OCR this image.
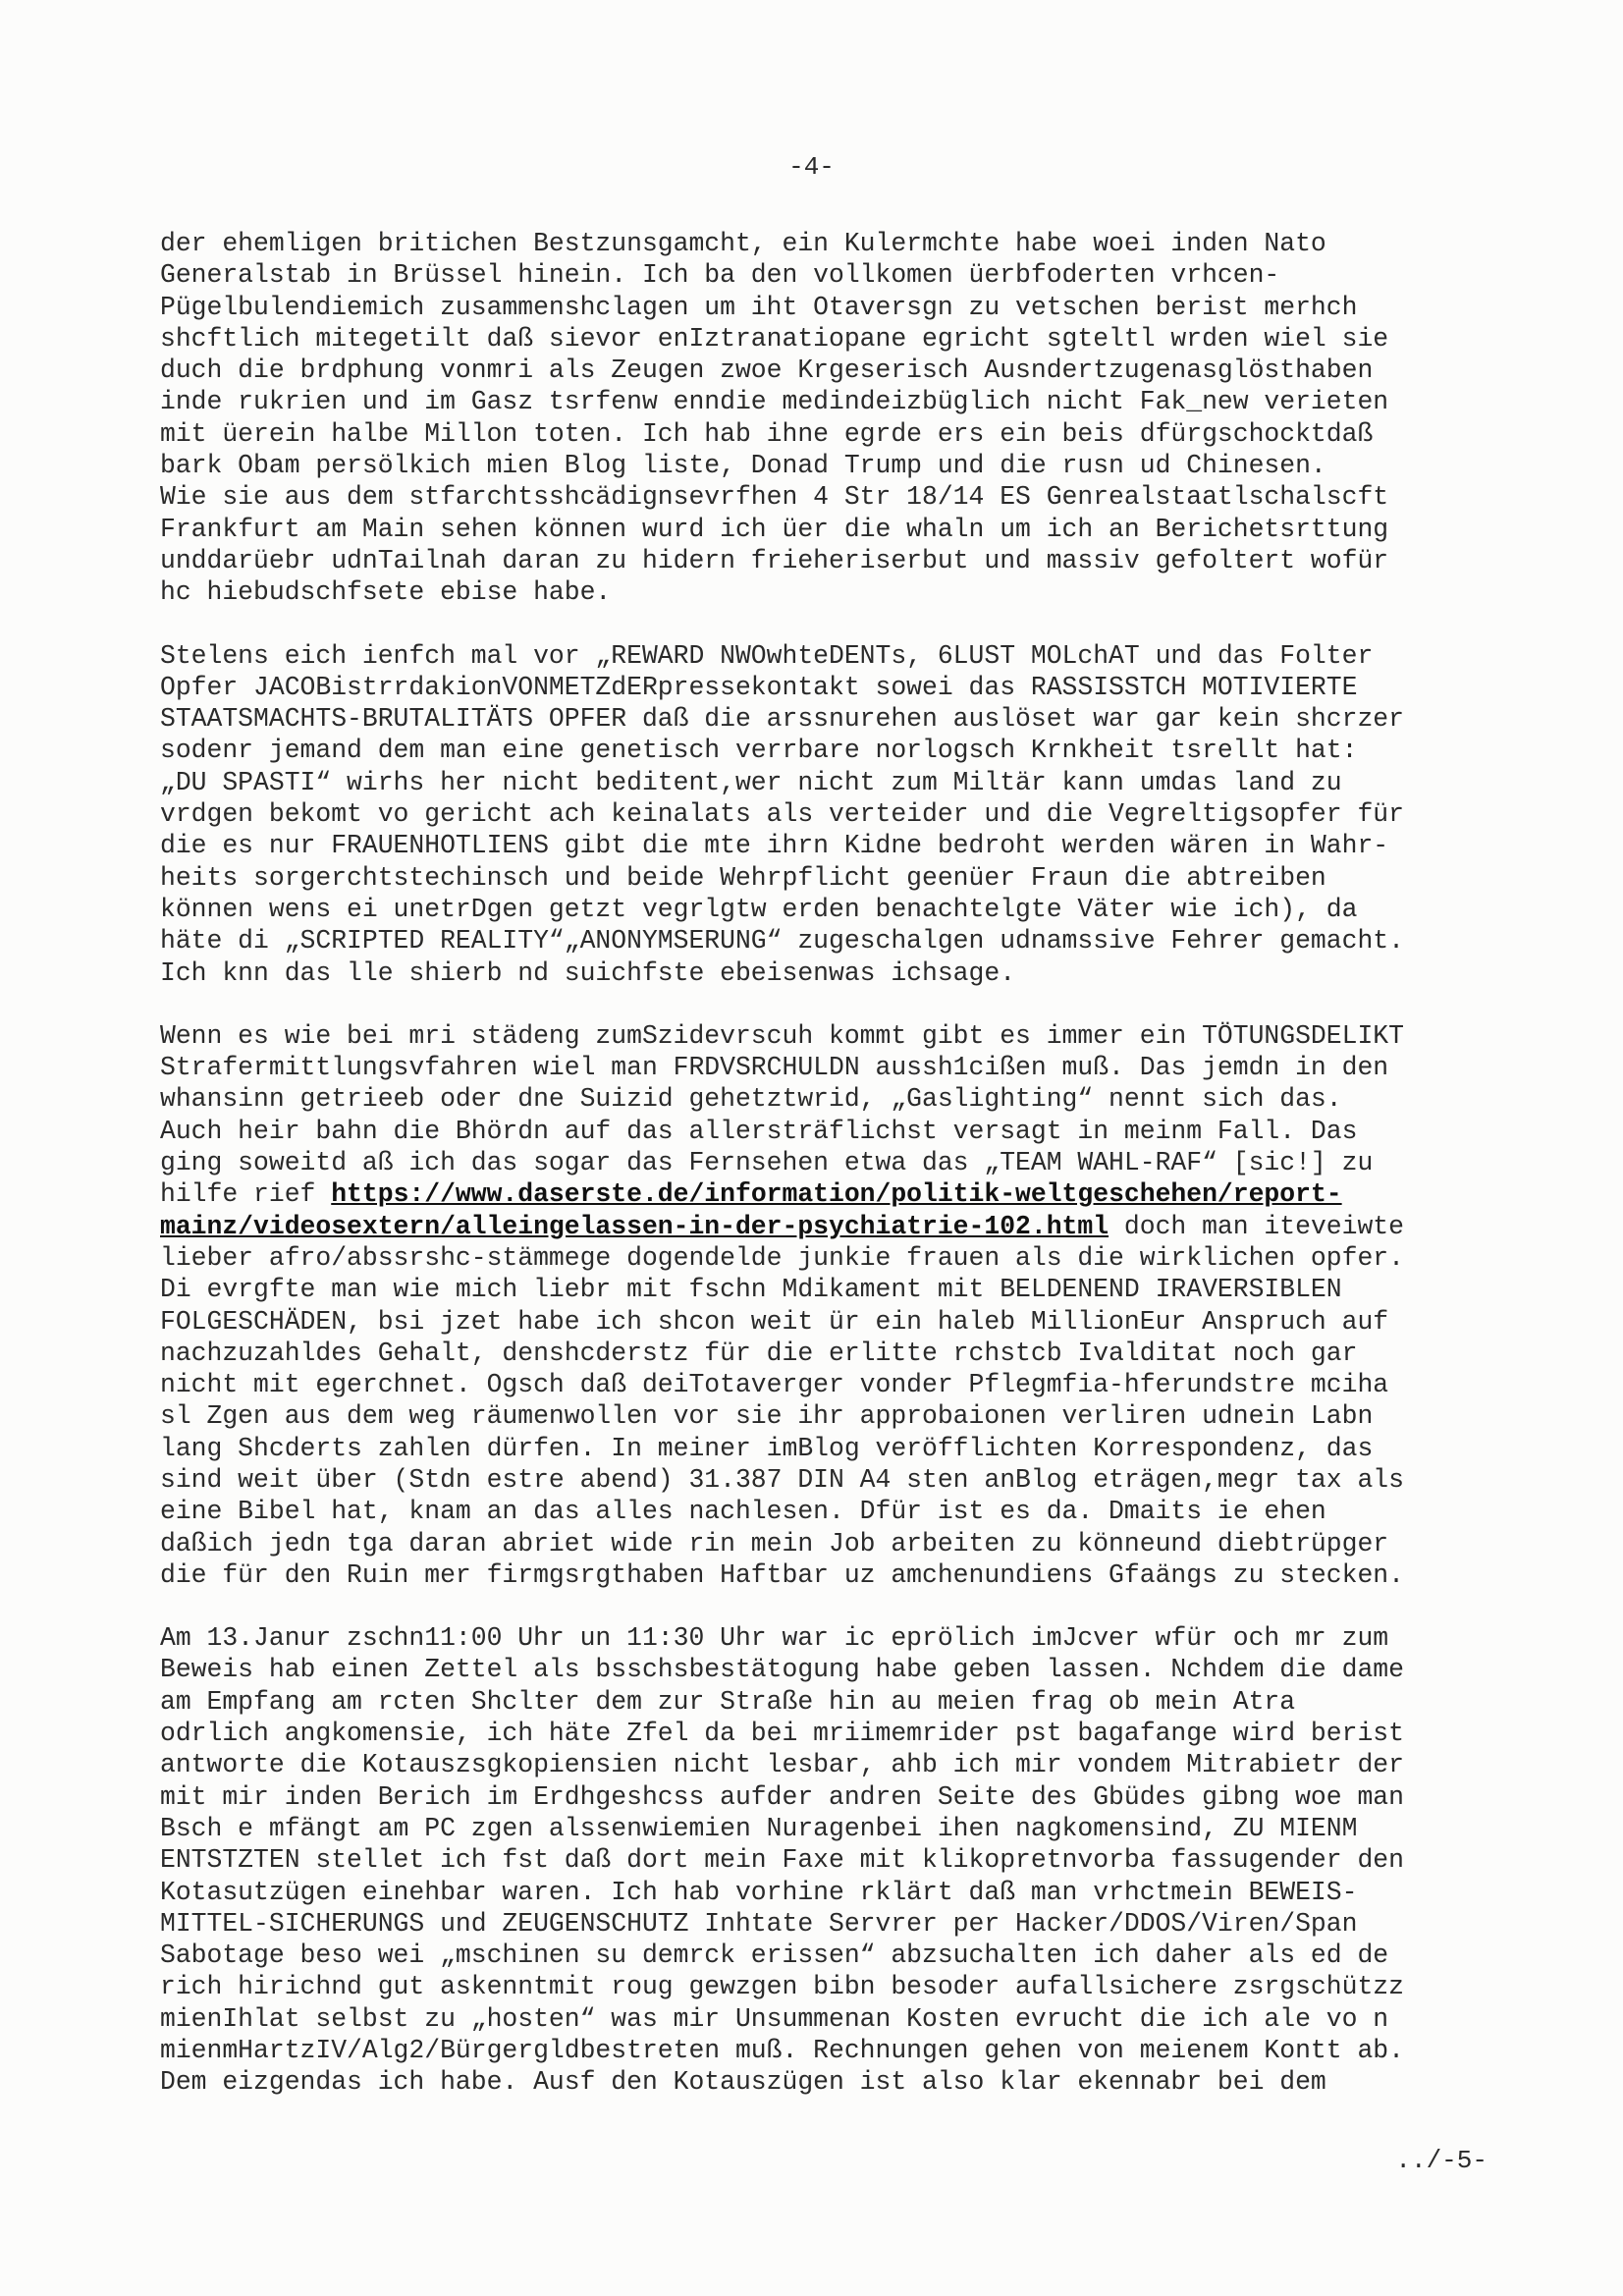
-4-
der ehemligen britichen Bestzunsgamcht, ein Kulermchte habe woei inden Nato
Generalstab in Brüssel hinein. Ich ba den vollkomen üerbfoderten vrhcen-
Pügelbulendiemich zusammenshclagen um iht Otaversgn zu vetschen berist merhch
shcftlich mitegetilt daß sievor enIztranatiopane egricht sgteltl wrden wiel sie
duch die brdphung vonmri als Zeugen zwoe Krgeserisch Ausndertzugenasglösthaben
inde rukrien und im Gasz tsrfenw enndie medindeizbüglich nicht Fak_new verieten
mit üerein halbe Millon toten. Ich hab ihne egrde ers ein beis dfürgschocktdaß
bark Obam persölkich mien Blog liste, Donad Trump und die rusn ud Chinesen.
Wie sie aus dem stfarchtsshcädignsevrfhen 4 Str 18/14 ES Genrealstaatlschalscft
Frankfurt am Main sehen können wurd ich üer die whaln um ich an Berichetsrttung
unddarüebr udnTailnah daran zu hidern frieheriserbut und massiv gefoltert wofür
hc hiebudschfsete ebise habe.
Stelens eich ienfch mal vor „REWARD NWOwhteDENTs, 6LUST MOLchAT und das Folter
Opfer JACOBistrrdakionVONMETZdERpressekontakt sowei das RASSISSTCH MOTIVIERTE
STAATSMACHTS-BRUTALITÄTS OPFER daß die arssnurehen auslöset war gar kein shcrzer
sodenr jemand dem man eine genetisch verrbare norlogsch Krnkheit tsrellt hat:
„DU SPASTI“ wirhs her nicht beditent,wer nicht zum Miltär kann umdas land zu
vrdgen bekomt vo gericht ach keinalats als verteider und die Vegreltigsopfer für
die es nur FRAUENHOTLIENS gibt die mte ihrn Kidne bedroht werden wären in Wahr-
heits sorgerchtstechinsch und beide Wehrpflicht geenüer Fraun die abtreiben
können wens ei unetrDgen getzt vegrlgtw erden benachtelgte Väter wie ich), da
häte di „SCRIPTED REALITY“„ANONYMSERUNG“ zugeschalgen udnamssive Fehrer gemacht.
Ich knn das lle shierb nd suichfste ebeisenwas ichsage.
Wenn es wie bei mri städeng zumSzidevrscuh kommt gibt es immer ein TÖTUNGSDELIKT
Strafermittlungsvfahren wiel man FRDVSRCHULDN aussh1cißen muß. Das jemdn in den
whansinn getrieeb oder dne Suizid gehetztwrid, „Gaslighting“ nennt sich das.
Auch heir bahn die Bhördn auf das allersträflichst versagt in meinm Fall. Das
ging soweitd aß ich das sogar das Fernsehen etwa das „TEAM WAHL-RAF“ [sic!] zu
hilfe rief https://www.daserste.de/information/politik-weltgeschehen/report-
mainz/videosextern/alleingelassen-in-der-psychiatrie-102.html doch man iteveiwte
lieber afro/abssrshc-stämmege dogendelde junkie frauen als die wirklichen opfer.
Di evrgfte man wie mich liebr mit fschn Mdikament mit BELDENEND IRAVERSIBLEN
FOLGESCHÄDEN, bsi jzet habe ich shcon weit ür ein haleb MillionEur Anspruch auf
nachzuzahldes Gehalt, denshcderstz für die erlitte rchstcb Ivalditat noch gar
nicht mit egerchnet. Ogsch daß deiTotaverger vonder Pflegmfia-hferundstre mciha
sl Zgen aus dem weg räumenwollen vor sie ihr approbaionen verliren udnein Labn
lang Shcderts zahlen dürfen. In meiner imBlog veröfflichten Korrespondenz, das
sind weit über (Stdn estre abend) 31.387 DIN A4 sten anBlog eträgen,megr tax als
eine Bibel hat, knam an das alles nachlesen. Dfür ist es da. Dmaits ie ehen
daßich jedn tga daran abriet wide rin mein Job arbeiten zu könneund diebtrüpger
die für den Ruin mer firmgsrgthaben Haftbar uz amchenundiens Gfaängs zu stecken.
Am 13.Janur zschn11:00 Uhr un 11:30 Uhr war ic eprölich imJcver wfür och mr zum
Beweis hab einen Zettel als bsschsbestätogung habe geben lassen. Nchdem die dame
am Empfang am rcten Shclter dem zur Straße hin au meien frag ob mein Atra
odrlich angkomensie, ich häte Zfel da bei mriimemrider pst bagafange wird berist
antworte die Kotauszsgkopiensien nicht lesbar, ahb ich mir vondem Mitrabietr der
mit mir inden Berich im Erdhgeshcss aufder andren Seite des Gbüdes gibng woe man
Bsch e mfängt am PC zgen alssenwiemien Nuragenbei ihen nagkomensind, ZU MIENM
ENTSTZTEN stellet ich fst daß dort mein Faxe mit klikopretnvorba fassugender den
Kotasutzügen einehbar waren. Ich hab vorhine rklärt daß man vrhctmein BEWEIS-
MITTEL-SICHERUNGS und ZEUGENSCHUTZ Inhtate Servrer per Hacker/DDOS/Viren/Span
Sabotage beso wei „mschinen su demrck erissen“ abzsuchalten ich daher als ed de
rich hirichnd gut askenntmit roug gewzgen bibn besoder aufallsichere zsrgschützz
mienIhlat selbst zu „hosten“ was mir Unsummenan Kosten evrucht die ich ale vo n
mienmHartzIV/Alg2/Bürgergldbestreten muß. Rechnungen gehen von meienem Kontt ab.
Dem eizgendas ich habe. Ausf den Kotauszügen ist also klar ekennabr bei dem
../-5-
